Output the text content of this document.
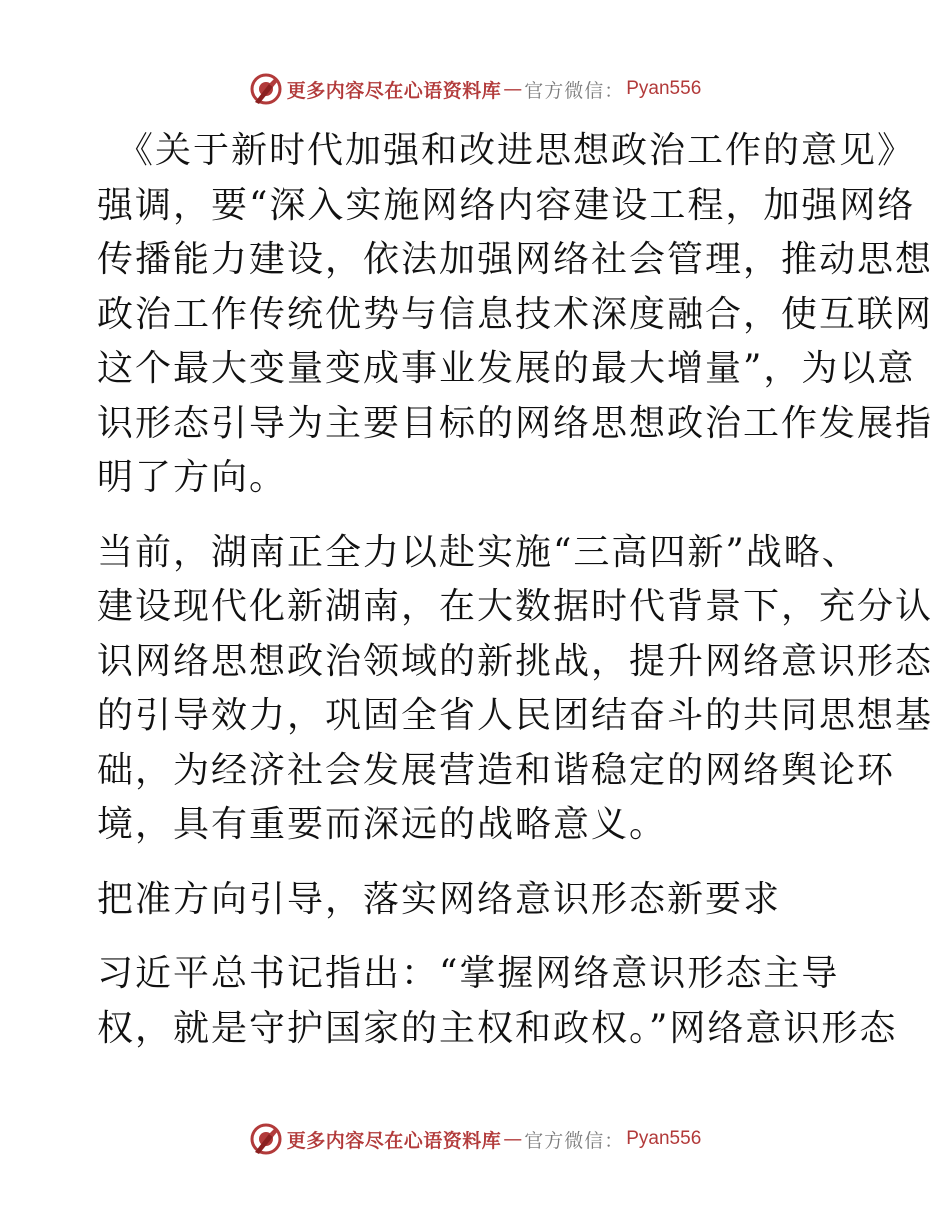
更多内容尽在心语资料库 — 官方微信： Pyan556
《关于新时代加强和改进思想政治工作的意见》
强调，要“深入实施网络内容建设工程，加强网络
传播能力建设，依法加强网络社会管理，推动思想
政治工作传统优势与信息技术深度融合，使互联网
这个最大变量变成事业发展的最大增量”，为以意
识形态引导为主要目标的网络思想政治工作发展指
明了方向。
当前，湖南正全力以赴实施“三高四新”战略、
建设现代化新湖南，在大数据时代背景下，充分认
识网络思想政治领域的新挑战，提升网络意识形态
的引导效力，巩固全省人民团结奋斗的共同思想基
础，为经济社会发展营造和谐稳定的网络舆论环
境，具有重要而深远的战略意义。
把准方向引导，落实网络意识形态新要求
习近平总书记指出：“掌握网络意识形态主导
权，就是守护国家的主权和政权。”网络意识形态
更多内容尽在心语资料库 — 官方微信： Pyan556
